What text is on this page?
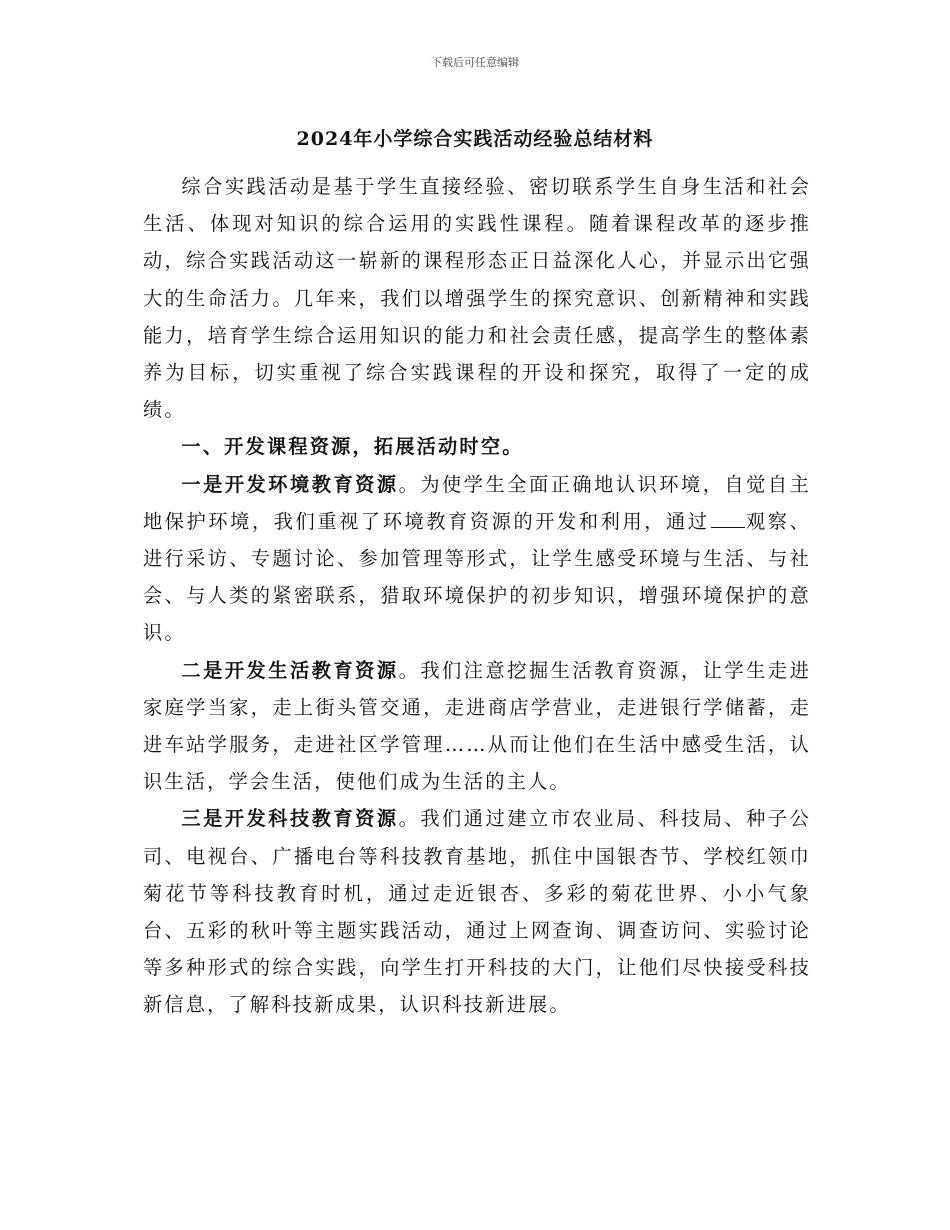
下载后可任意编辑
2024年小学综合实践活动经验总结材料

综合实践活动是基于学生直接经验、密切联系学生自身生活和社会生活、体现对知识的综合运用的实践性课程。随着课程改革的逐步推动，综合实践活动这一崭新的课程形态正日益深化人心，并显示出它强大的生命活力。几年来，我们以增强学生的探究意识、创新精神和实践能力，培育学生综合运用知识的能力和社会责任感，提高学生的整体素养为目标，切实重视了综合实践课程的开设和探究，取得了一定的成绩。

一、开发课程资源，拓展活动时空。

一是开发环境教育资源。为使学生全面正确地认识环境，自觉自主地保护环境，我们重视了环境教育资源的开发和利用，通过 观察、进行采访、专题讨论、参加管理等形式，让学生感受环境与生活、与社会、与人类的紧密联系，猎取环境保护的初步知识，增强环境保护的意识。

二是开发生活教育资源。我们注意挖掘生活教育资源，让学生走进家庭学当家，走上街头管交通，走进商店学营业，走进银行学储蓄，走进车站学服务，走进社区学管理……从而让他们在生活中感受生活，认识生活，学会生活，使他们成为生活的主人。

三是开发科技教育资源。我们通过建立市农业局、科技局、种子公司、电视台、广播电台等科技教育基地，抓住中国银杏节、学校红领巾菊花节等科技教育时机，通过走近银杏、多彩的菊花世界、小小气象台、五彩的秋叶等主题实践活动，通过上网查询、调查访问、实验讨论等多种形式的综合实践，向学生打开科技的大门，让他们尽快接受科技新信息，了解科技新成果，认识科技新进展。
